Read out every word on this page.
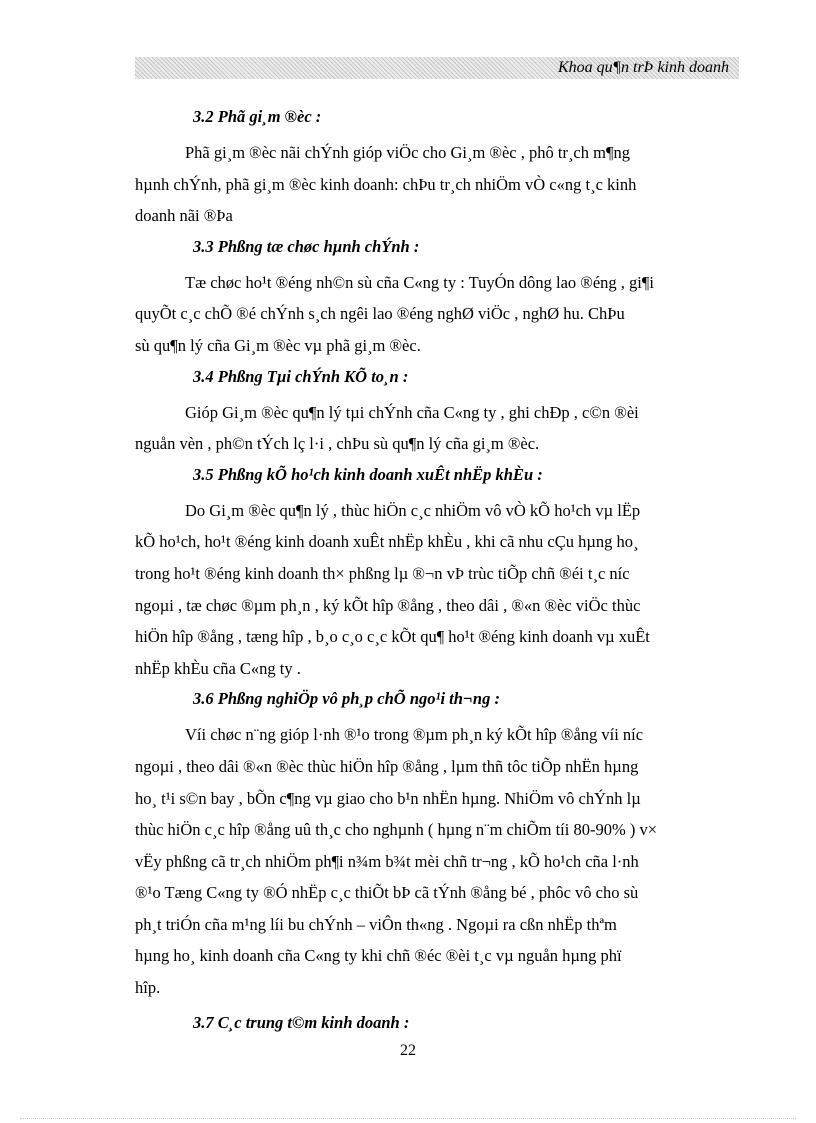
Khoa qu¶n trÞ kinh doanh
3.2 Phã gi¸m ®èc :
Phã gi¸m ®èc nãi chÝnh gióp viÖc cho Gi¸m ®èc , phô tr¸ch m¶ng
hµnh chÝnh, phã gi¸m ®èc kinh doanh: chÞu tr¸ch nhiÖm vÒ c«ng t¸c kinh
doanh nãi ®Þa
3.3 Phßng tæ chøc hµnh chÝnh :
Tæ chøc ho¹t ®éng nh©n sù cña C«ng ty : TuyÓn dông lao ®éng , gi¶i
quyÕt c¸c chÕ ®é chÝnh s¸ch ngêi lao ®éng nghØ viÖc , nghØ hu. ChÞu
sù qu¶n lý cña Gi¸m ®èc vµ phã gi¸m ®èc.
3.4 Phßng Tµi chÝnh KÕ to¸n :
Gióp Gi¸m ®èc qu¶n lý tµi chÝnh cña C«ng ty , ghi chÐp , c©n ®èi
nguån vèn , ph©n tÝch lç l·i , chÞu sù qu¶n lý cña gi¸m ®èc.
3.5 Phßng kÕ ho¹ch kinh doanh xuÊt nhËp khÈu :
Do Gi¸m ®èc qu¶n lý , thùc hiÖn c¸c nhiÖm vô vÒ kÕ ho¹ch vµ lËp
kÕ ho¹ch, ho¹t ®éng kinh doanh xuÊt nhËp khÈu , khi cã nhu cÇu hµng ho¸
trong ho¹t ®éng kinh doanh th× phßng lµ ®¬n vÞ trùc tiÕp chñ ®éi t¸c níc
ngoµi , tæ chøc ®µm ph¸n , ký kÕt hîp ®ång , theo dâi , ®«n ®èc viÖc thùc
hiÖn hîp ®ång , tæng hîp , b¸o c¸o c¸c kÕt qu¶ ho¹t ®éng kinh doanh vµ xuÊt
nhËp khÈu cña C«ng ty .
3.6 Phßng nghiÖp vô ph¸p chÕ ngo¹i th¬ng :
Víi chøc n¨ng gióp l·nh ®¹o trong ®µm ph¸n ký kÕt hîp ®ång víi níc
ngoµi , theo dâi ®«n ®èc thùc hiÖn hîp ®ång , lµm thñ tôc tiÕp nhËn hµng
ho¸ t¹i s©n bay , bÕn c¶ng vµ giao cho b¹n nhËn hµng. NhiÖm vô chÝnh lµ
thùc hiÖn c¸c hîp ®ång uû th¸c cho nghµnh ( hµng n¨m chiÕm tíi 80-90% ) v×
vËy phßng cã tr¸ch nhiÖm ph¶i n¾m b¾t mèi chñ tr¬ng , kÕ ho¹ch cña l·nh
®¹o Tæng C«ng ty ®Ó nhËp c¸c thiÕt bÞ cã tÝnh ®ång bé , phôc vô cho sù
ph¸t triÓn cña m¹ng líi bu chÝnh – viÔn th«ng . Ngoµi ra cßn nhËp thªm
hµng ho¸ kinh doanh cña C«ng ty khi chñ ®éc ®èi t¸c vµ nguån hµng phï
hîp.
3.7 C¸c trung t©m kinh doanh :
22
